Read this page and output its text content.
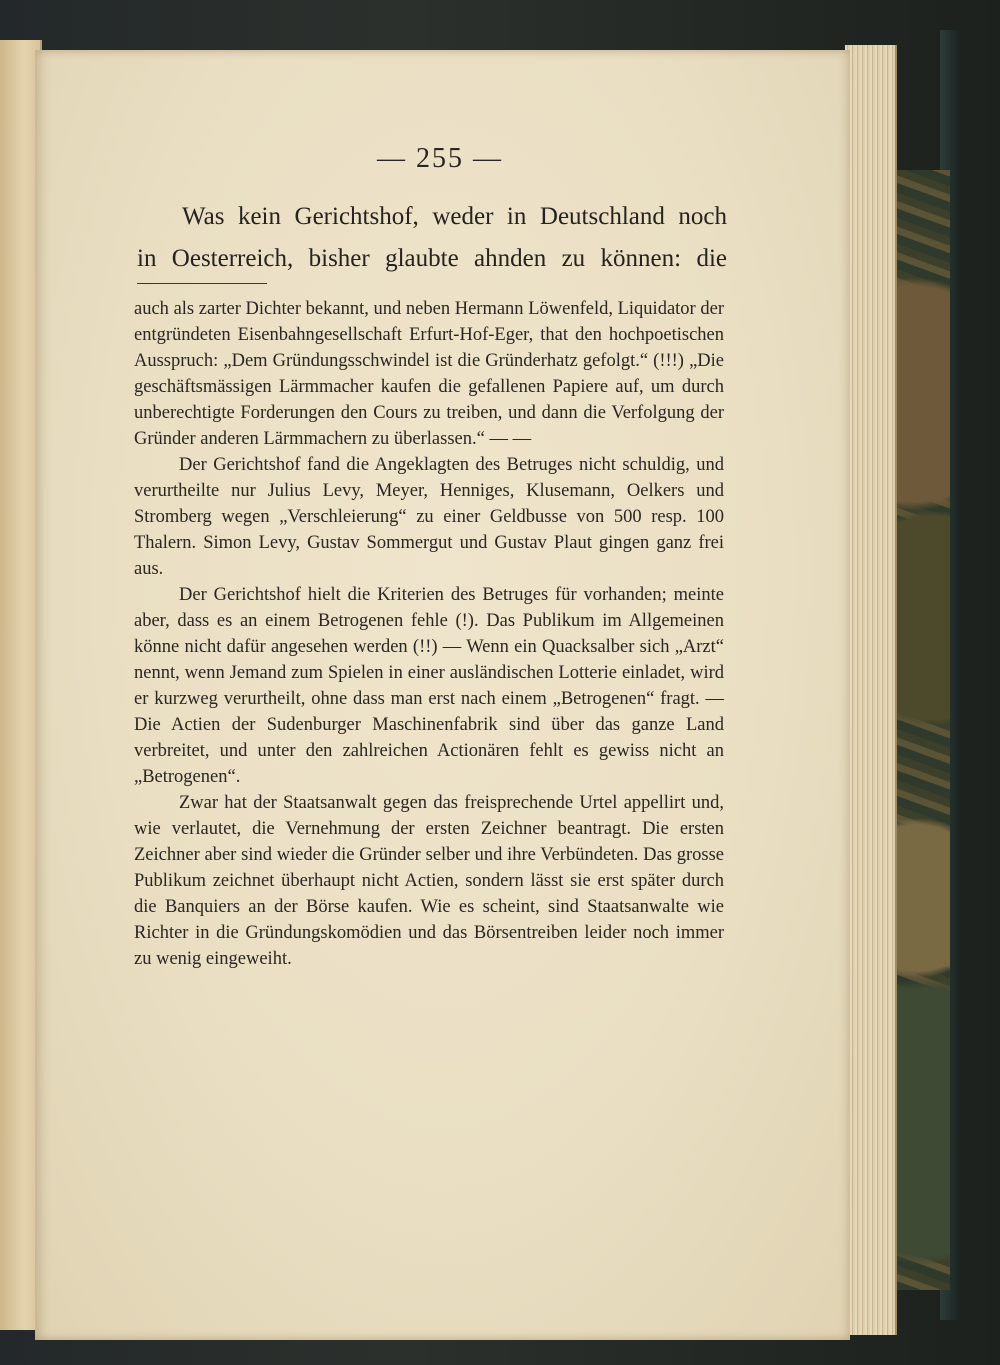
— 255 —
Was kein Gerichtshof, weder in Deutschland noch
in Oesterreich, bisher glaubte ahnden zu können: die

auch als zarter Dichter bekannt, und neben Hermann Löwenfeld, Liquidator der entgründeten Eisenbahngesellschaft Erfurt-Hof-Eger, that den hochpoetischen Ausspruch: „Dem Gründungsschwindel ist die Gründerhatz gefolgt.“ (!!!) „Die geschäftsmässigen Lärmmacher kaufen die gefallenen Papiere auf, um durch unberechtigte Forderungen den Cours zu treiben, und dann die Verfolgung der Gründer anderen Lärmmachern zu überlassen.“ — —

Der Gerichtshof fand die Angeklagten des Betruges nicht schuldig, und verurtheilte nur Julius Levy, Meyer, Henniges, Klusemann, Oelkers und Stromberg wegen „Verschleierung“ zu einer Geldbusse von 500 resp. 100 Thalern. Simon Levy, Gustav Sommergut und Gustav Plaut gingen ganz frei aus.

Der Gerichtshof hielt die Kriterien des Betruges für vorhanden; meinte aber, dass es an einem Betrogenen fehle (!). Das Publikum im Allgemeinen könne nicht dafür angesehen werden (!!) — Wenn ein Quacksalber sich „Arzt“ nennt, wenn Jemand zum Spielen in einer ausländischen Lotterie einladet, wird er kurzweg verurtheilt, ohne dass man erst nach einem „Betrogenen“ fragt. — Die Actien der Sudenburger Maschinenfabrik sind über das ganze Land verbreitet, und unter den zahlreichen Actionären fehlt es gewiss nicht an „Betrogenen“.

Zwar hat der Staatsanwalt gegen das freisprechende Urtel appellirt und, wie verlautet, die Vernehmung der ersten Zeichner beantragt. Die ersten Zeichner aber sind wieder die Gründer selber und ihre Verbündeten. Das grosse Publikum zeichnet überhaupt nicht Actien, sondern lässt sie erst später durch die Banquiers an der Börse kaufen. Wie es scheint, sind Staatsanwalte wie Richter in die Gründungskomödien und das Börsentreiben leider noch immer zu wenig eingeweiht.
